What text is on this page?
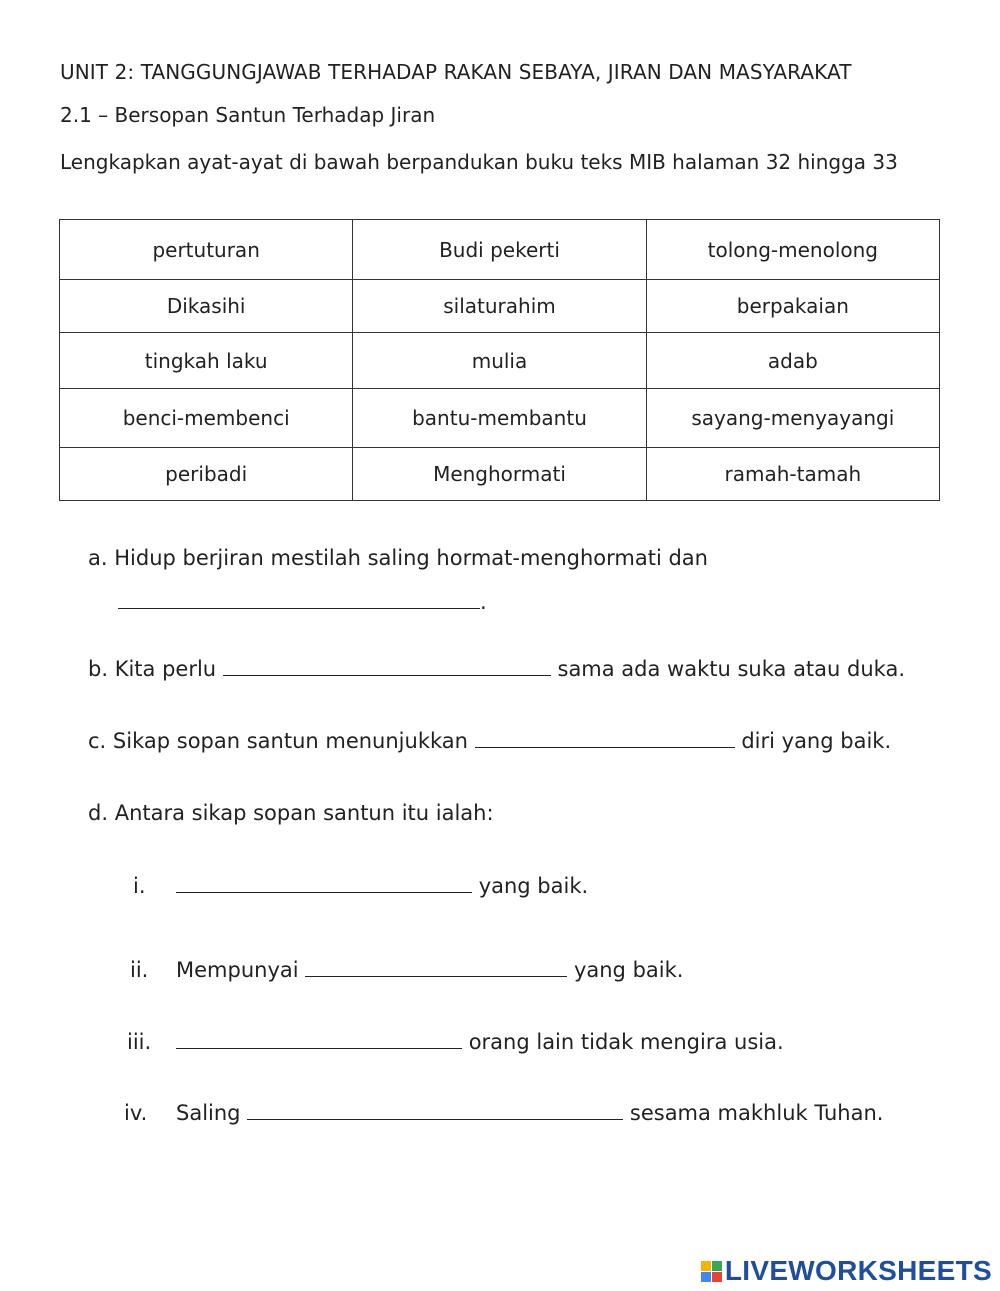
UNIT 2: TANGGUNGJAWAB TERHADAP RAKAN SEBAYA, JIRAN DAN MASYARAKAT
2.1 – Bersopan Santun Terhadap Jiran
Lengkapkan ayat-ayat di bawah berpandukan buku teks MIB halaman 32 hingga 33
pertuturan	Budi pekerti	tolong-menolong
Dikasihi	silaturahim	berpakaian
tingkah laku	mulia	adab
benci-membenci	bantu-membantu	sayang-menyayangi
peribadi	Menghormati	ramah-tamah
a. Hidup berjiran mestilah saling hormat-menghormati dan
.
b. Kita perlu	sama ada waktu suka atau duka.
c. Sikap sopan santun menunjukkan	diri yang baik.
d. Antara sikap sopan santun itu ialah:
i.	yang baik.
ii. Mempunyai	yang baik.
iii.	orang lain tidak mengira usia.
iv. Saling	sesama makhluk Tuhan.
LIVEWORKSHEETS
